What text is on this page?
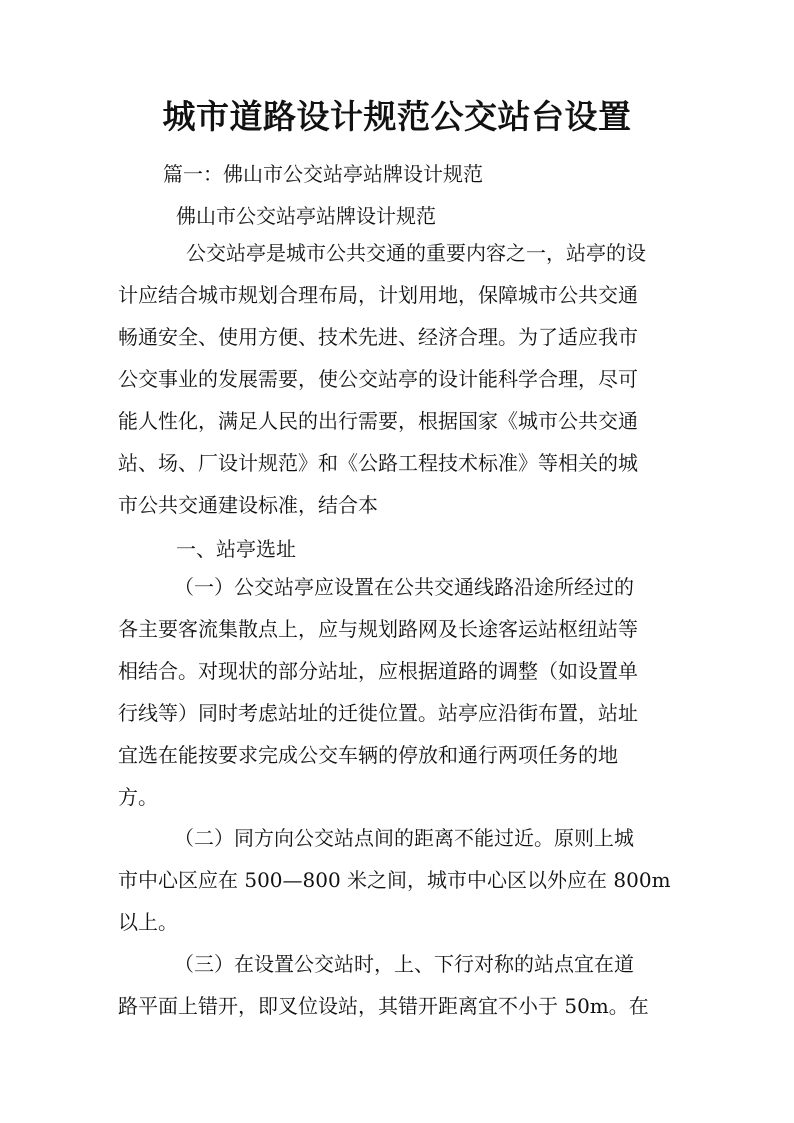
城市道路设计规范公交站台设置
篇一：佛山市公交站亭站牌设计规范
佛山市公交站亭站牌设计规范
　公交站亭是城市公共交通的重要内容之一，站亭的设
计应结合城市规划合理布局，计划用地，保障城市公共交通
畅通安全、使用方便、技术先进、经济合理。为了适应我市
公交事业的发展需要，使公交站亭的设计能科学合理，尽可
能人性化，满足人民的出行需要，根据国家《城市公共交通
站、场、厂设计规范》和《公路工程技术标准》等相关的城
市公共交通建设标准，结合本
一、站亭选址
（一）公交站亭应设置在公共交通线路沿途所经过的
各主要客流集散点上，应与规划路网及长途客运站枢纽站等
相结合。对现状的部分站址，应根据道路的调整（如设置单
行线等）同时考虑站址的迁徙位置。站亭应沿街布置，站址
宜选在能按要求完成公交车辆的停放和通行两项任务的地
方。
（二）同方向公交站点间的距离不能过近。原则上城
市中心区应在 500—800 米之间，城市中心区以外应在 800m
以上。
（三）在设置公交站时，上、下行对称的站点宜在道
路平面上错开，即叉位设站，其错开距离宜不小于 50m。在
